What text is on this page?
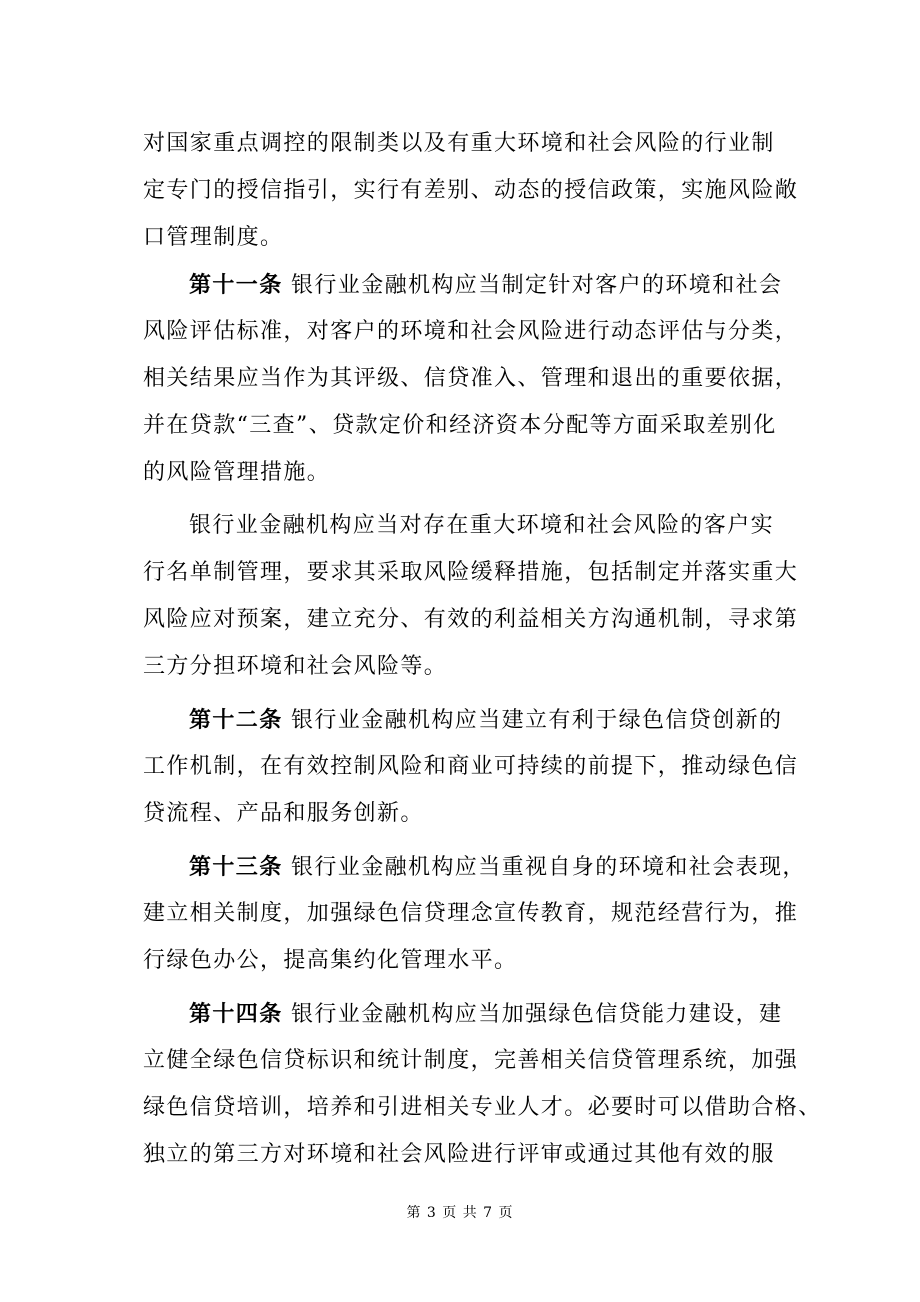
对国家重点调控的限制类以及有重大环境和社会风险的行业制
定专门的授信指引，实行有差别、动态的授信政策，实施风险敞
口管理制度。
第十一条 银行业金融机构应当制定针对客户的环境和社会
风险评估标准，对客户的环境和社会风险进行动态评估与分类，
相关结果应当作为其评级、信贷准入、管理和退出的重要依据，
并在贷款“三查”、贷款定价和经济资本分配等方面采取差别化
的风险管理措施。
银行业金融机构应当对存在重大环境和社会风险的客户实
行名单制管理，要求其采取风险缓释措施，包括制定并落实重大
风险应对预案，建立充分、有效的利益相关方沟通机制，寻求第
三方分担环境和社会风险等。
第十二条 银行业金融机构应当建立有利于绿色信贷创新的
工作机制，在有效控制风险和商业可持续的前提下，推动绿色信
贷流程、产品和服务创新。
第十三条 银行业金融机构应当重视自身的环境和社会表现，
建立相关制度，加强绿色信贷理念宣传教育，规范经营行为，推
行绿色办公，提高集约化管理水平。
第十四条 银行业金融机构应当加强绿色信贷能力建设，建
立健全绿色信贷标识和统计制度，完善相关信贷管理系统，加强
绿色信贷培训，培养和引进相关专业人才。必要时可以借助合格、
独立的第三方对环境和社会风险进行评审或通过其他有效的服
第 3 页 共 7 页
